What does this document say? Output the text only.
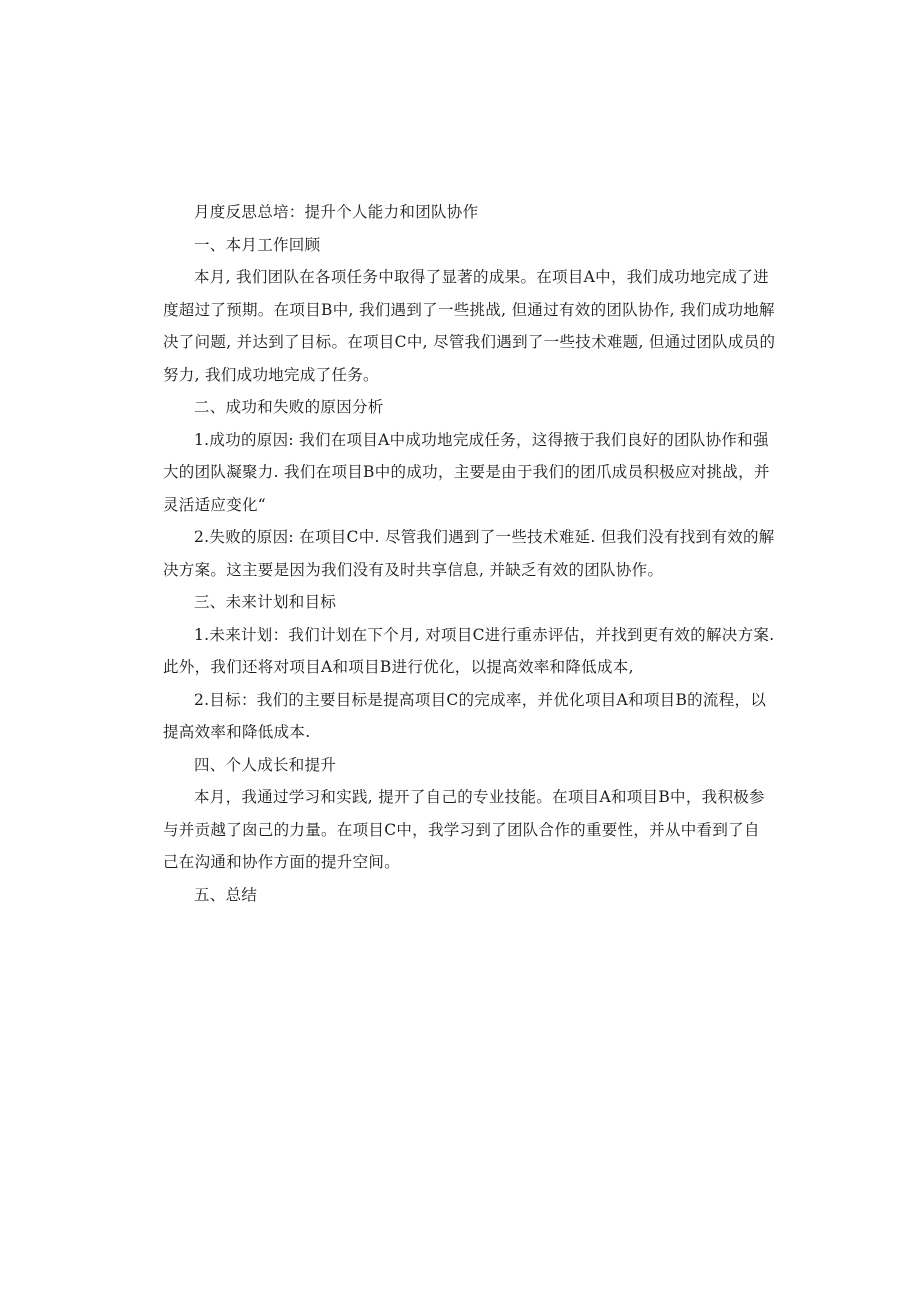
月度反思总培：提升个人能力和团队协作
一、本月工作回顾
本月, 我们团队在各项任务中取得了显著的成果。在项目A中，我们成功地完成了进
度超过了预期。在项目B中, 我们遇到了一些挑战, 但通过有效的团队协作, 我们成功地解
决了问题, 并达到了目标。在项目C中, 尽管我们遇到了一些技术难题, 但通过团队成员的
努力, 我们成功地完成了任务。
二、成功和失败的原因分析
1.成功的原因: 我们在项目A中成功地完成任务，这得掖于我们良好的团队协作和强
大的团队凝聚力. 我们在项目B中的成功，主要是由于我们的团爪成员积极应对挑战，并
灵活适应变化“
2.失败的原因: 在项目C中. 尽管我们遇到了一些技术难延. 但我们没有找到有效的解
决方案。这主要是因为我们没有及时共享信息, 并缺乏有效的团队协作。
三、未来计划和目标
1.未来计划：我们计划在下个月, 对项目C进行重赤评估，并找到更有效的解决方案.
此外，我们还将对项目A和项目B进行优化，以提高效率和降低成本,
2.目标：我们的主要目标是提高项目C的完成率，并优化项目A和项目B的流程，以
提高效率和降低成本.
四、个人成长和提升
本月，我通过学习和实践, 提开了自己的专业技能。在项目A和项目B中，我积极参
与并贡越了囱己的力量。在项目C中，我学习到了团队合作的重要性，并从中看到了自
己在沟通和协作方面的提升空间。
五、总结
